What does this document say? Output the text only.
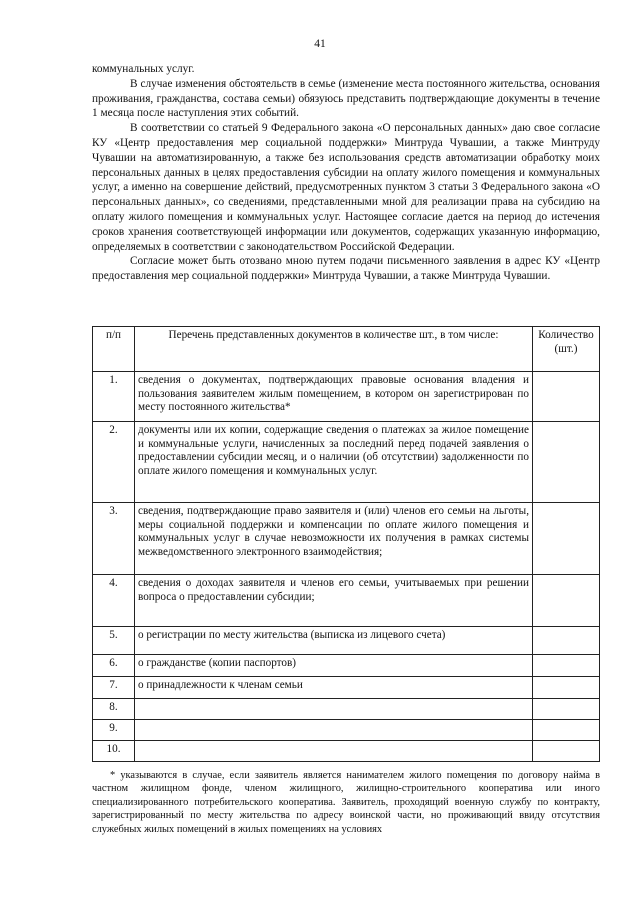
41

коммунальных услуг.

В случае изменения обстоятельств в семье (изменение места постоянного жительства, основания проживания, гражданства, состава семьи) обязуюсь представить подтверждающие документы в течение 1 месяца после наступления этих событий.

В соответствии со статьей 9 Федерального закона «О персональных данных» даю свое согласие КУ «Центр предоставления мер социальной поддержки» Минтруда Чувашии, а также Минтруду Чувашии на автоматизированную, а также без использования средств автоматизации обработку моих персональных данных в целях предоставления субсидии на оплату жилого помещения и коммунальных услуг, а именно на совершение действий, предусмотренных пунктом 3 статьи 3 Федерального закона «О персональных данных», со сведениями, представленными мной для реализации права на субсидию на оплату жилого помещения и коммунальных услуг. Настоящее согласие дается на период до истечения сроков хранения соответствующей информации или документов, содержащих указанную информацию, определяемых в соответствии с законодательством Российской Федерации.

Согласие может быть отозвано мною путем подачи письменного заявления в адрес КУ «Центр предоставления мер социальной поддержки» Минтруда Чувашии, а также Минтруда Чувашии.

п/п	Перечень представленных документов в количестве шт., в том числе:	Количество (шт.)
1.	сведения о документах, подтверждающих правовые основания владения и пользования заявителем жилым помещением, в котором он зарегистрирован по месту постоянного жительства*	
2.	документы или их копии, содержащие сведения о платежах за жилое помещение и коммунальные услуги, начисленных за последний перед подачей заявления о предоставлении субсидии месяц, и о наличии (об отсутствии) задолженности по оплате жилого помещения и коммунальных услуг.	
3.	сведения, подтверждающие право заявителя и (или) членов его семьи на льготы, меры социальной поддержки и компенсации по оплате жилого помещения и коммунальных услуг в случае невозможности их получения в рамках системы межведомственного электронного взаимодействия;	
4.	сведения о доходах заявителя и членов его семьи, учитываемых при решении вопроса о предоставлении субсидии;	
5.	о регистрации по месту жительства (выписка из лицевого счета)	
6.	о гражданстве (копии паспортов)	
7.	о принадлежности к членам семьи	
8.		
9.		
10.		

* указываются в случае, если заявитель является нанимателем жилого помещения по договору найма в частном жилищном фонде, членом жилищного, жилищно-строительного кооператива или иного специализированного потребительского кооператива. Заявитель, проходящий военную службу по контракту, зарегистрированный по месту жительства по адресу воинской части, но проживающий ввиду отсутствия служебных жилых помещений в жилых помещениях на условиях
